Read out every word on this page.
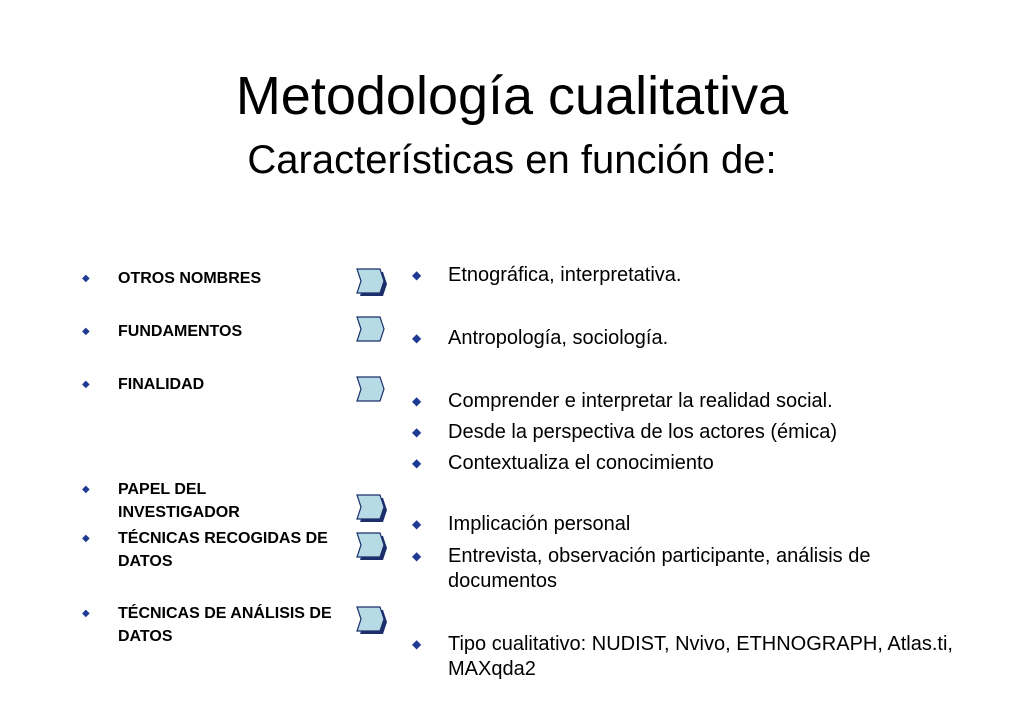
Metodología cualitativa
Características en función de:
◆ OTROS NOMBRES
◆ FUNDAMENTOS
◆ FINALIDAD
◆ PAPEL DEL INVESTIGADOR
◆ TÉCNICAS RECOGIDAS DE DATOS
◆ TÉCNICAS DE ANÁLISIS DE DATOS
◆ Etnográfica, interpretativa.
◆ Antropología, sociología.
◆ Comprender e interpretar la realidad social.
◆ Desde la perspectiva de los actores (émica)
◆ Contextualiza el conocimiento
◆ Implicación personal
◆ Entrevista, observación participante, análisis de documentos
◆ Tipo cualitativo: NUDIST, Nvivo, ETHNOGRAPH, Atlas.ti, MAXqda2
